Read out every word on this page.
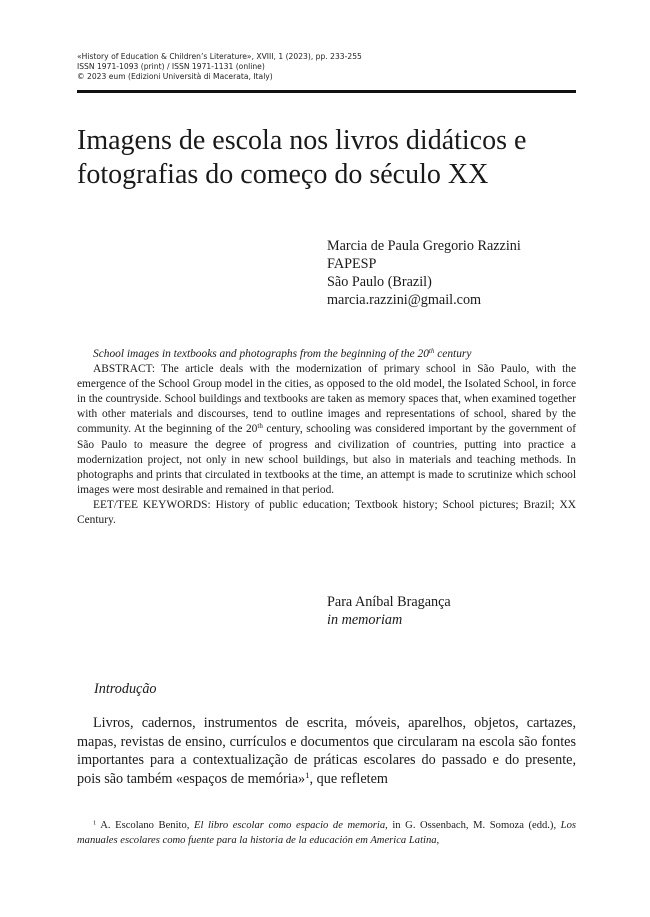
«History of Education & Children’s Literature», XVIII, 1 (2023), pp. 233-255
ISSN 1971-1093 (print) / ISSN 1971-1131 (online)
© 2023 eum (Edizioni Università di Macerata, Italy)
Imagens de escola nos livros didáticos e
fotografias do começo do século XX
Marcia de Paula Gregorio Razzini
FAPESP
São Paulo (Brazil)
marcia.razzini@gmail.com

School images in textbooks and photographs from the beginning of the 20th century

ABSTRACT: The article deals with the modernization of primary school in São Paulo, with the emergence of the School Group model in the cities, as opposed to the old model, the Isolated School, in force in the countryside. School buildings and textbooks are taken as memory spaces that, when examined together with other materials and discourses, tend to outline images and representations of school, shared by the community. At the beginning of the 20th century, schooling was considered important by the government of São Paulo to measure the degree of progress and civilization of countries, putting into practice a modernization project, not only in new school buildings, but also in materials and teaching methods. In photographs and prints that circulated in textbooks at the time, an attempt is made to scrutinize which school images were most desirable and remained in that period.

EET/TEE KEYWORDS: History of public education; Textbook history; School pictures; Brazil; XX Century.

Para Aníbal Bragança
in memoriam
Introdução

Livros, cadernos, instrumentos de escrita, móveis, aparelhos, objetos, cartazes, mapas, revistas de ensino, currículos e documentos que circularam na escola são fontes importantes para a contextualização de práticas escolares do passado e do presente, pois são também «espaços de memória»$^1$, que refletem

$^1$ A. Escolano Benito, El libro escolar como espacio de memoria, in G. Ossenbach, M. Somoza (edd.), Los manuales escolares como fuente para la historia de la educación em America Latina,
